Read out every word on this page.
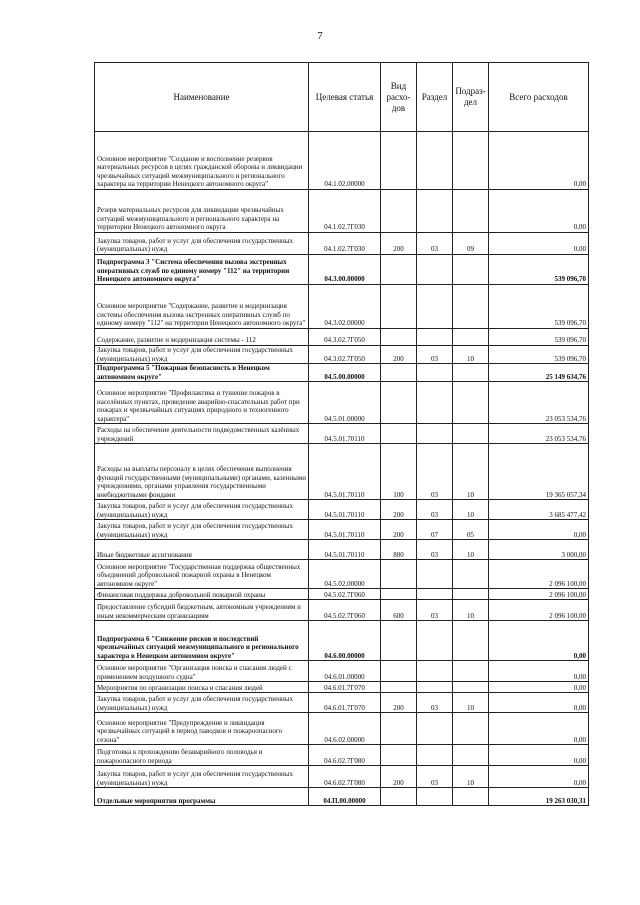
7
Наименование	Целевая статья	Вид расхо-дов	Раздел	Подраз-дел	Всего расходов
Основное мероприятие "Создание и восполнение резервов материальных ресурсов в целях гражданской обороны и ликвидации чрезвычайных ситуаций межмуниципального и регионального характера на территории Ненецкого автономного округа"	04.1.02.00000				0,00
Резерв материальных ресурсов для ликвидации чрезвычайных ситуаций межмуниципального и регионального характера на территории Ненецкого автономного округа	04.1.02.7Г030				0,00
Закупка товаров, работ и услуг для обеспечения государственных (муниципальных) нужд	04.1.02.7Г030	200	03	09	0,00
Подпрограмма 3 "Система обеспечения вызова экстренных оперативных служб по единому номеру "112" на территории Ненецкого автономного округа"	04.3.00.00000				539 096,70
Основное мероприятие "Содержание, развитие и модернизация системы обеспечения вызова экстренных оперативных служб по единому номеру "112" на территории Ненецкого автономного округа"	04.3.02.00000				539 096,70
Содержание, развитие и модернизация системы - 112	04.3.02.7Г050				539 096,70
Закупка товаров, работ и услуг для обеспечения государственных (муниципальных) нужд	04.3.02.7Г050	200	03	10	539 096,70
Подпрограмма 5 "Пожарная безопасность в Ненецком автономном округе"	04.5.00.00000				25 149 634,76
Основное мероприятие "Профилактика и тушение пожаров в населённых пунктах, проведение аварийно-спасательных работ при пожарах и чрезвычайных ситуациях природного и техногенного характера"	04.5.01.00000				23 053 534,76
Расходы на обеспечение деятельности подведомственных казённых учреждений	04.5.01.70110				23 053 534,76
Расходы на выплаты персоналу в целях обеспечения выполнения функций государственными (муниципальными) органами, казенными учреждениями, органами управления государственными внебюджетными фондами	04.5.01.70110	100	03	10	19 365 057,34
Закупка товаров, работ и услуг для обеспечения государственных (муниципальных) нужд	04.5.01.70110	200	03	10	3 685 477,42
Закупка товаров, работ и услуг для обеспечения государственных (муниципальных) нужд	04.5.01.70110	200	07	05	0,00
Иные бюджетные ассигнования	04.5.01.70110	800	03	10	3 000,00
Основное мероприятие "Государственная поддержка общественных объединений добровольной пожарной охраны в Ненецком автономном округе"	04.5.02.00000				2 096 100,00
Финансовая поддержка добровольной пожарной охраны	04.5.02.7Г060				2 096 100,00
Предоставление субсидий бюджетным, автономным учреждениям и иным некоммерческим организациям	04.5.02.7Г060	600	03	10	2 096 100,00
Подпрограмма 6 "Снижение рисков и последствий чрезвычайных ситуаций межмуниципального и регионального характера в Ненецком автономном округе"	04.6.00.00000				0,00
Основное мероприятие "Организация поиска и спасания людей с применением воздушного судна"	04.6.01.00000				0,00
Мероприятия по организации поиска и спасания людей	04.6.01.7Г070				0,00
Закупка товаров, работ и услуг для обеспечения государственных (муниципальных) нужд	04.6.01.7Г070	200	03	10	0,00
Основное мероприятие "Предупреждение и ликвидация чрезвычайных ситуаций в период паводков и пожароопасного сезона"	04.6.02.00000				0,00
Подготовка к прохождению безаварийного половодья и пожароопасного периода	04.6.02.7Г080				0,00
Закупка товаров, работ и услуг для обеспечения государственных (муниципальных) нужд	04.6.02.7Г080	200	03	10	0,00
Отдельные мероприятия программы	04.П.00.00000				19 263 030,31
